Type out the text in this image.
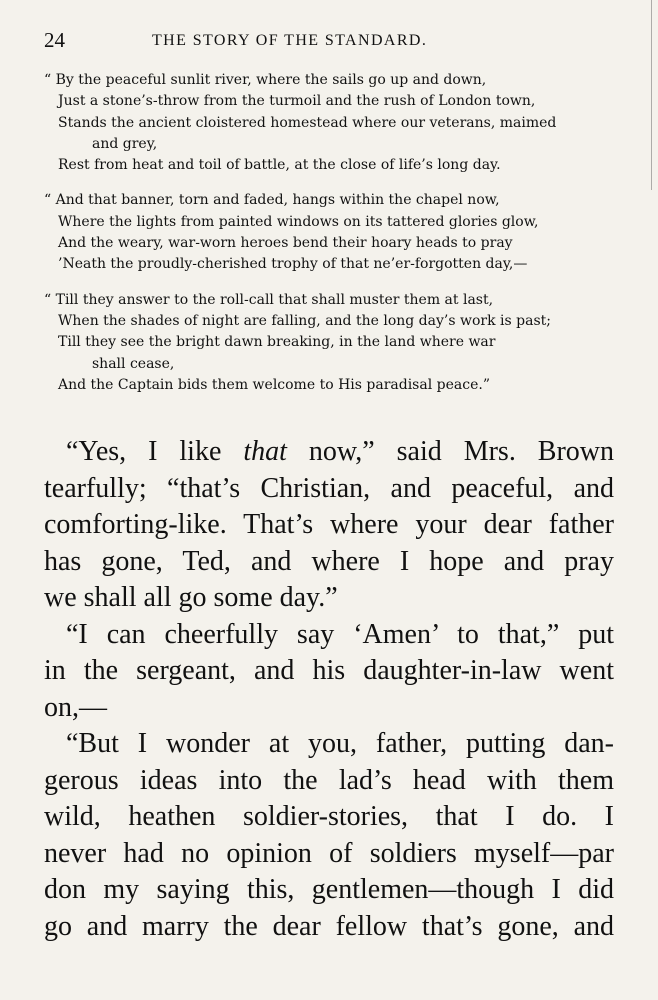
24	THE STORY OF THE STANDARD.
“ By the peaceful sunlit river, where the sails go up and down,
Just a stone’s-throw from the turmoil and the rush of London town,
Stands the ancient cloistered homestead where our veterans, maimed
and grey,
Rest from heat and toil of battle, at the close of life’s long day.
“ And that banner, torn and faded, hangs within the chapel now,
Where the lights from painted windows on its tattered glories glow,
And the weary, war-worn heroes bend their hoary heads to pray
’Neath the proudly-cherished trophy of that ne’er-forgotten day,—
“ Till they answer to the roll-call that shall muster them at last,
When the shades of night are falling, and the long day’s work is past;
Till they see the bright dawn breaking, in the land where war
shall cease,
And the Captain bids them welcome to His paradisal peace.”
“Yes, I like that now,” said Mrs. Brown
tearfully; “that’s Christian, and peaceful, and
comforting-like. That’s where your dear father
has gone, Ted, and where I hope and pray
we shall all go some day.”
“I can cheerfully say ‘Amen’ to that,” put
in the sergeant, and his daughter-in-law went
on,—
“But I wonder at you, father, putting dan-
gerous ideas into the lad’s head with them
wild, heathen soldier-stories, that I do. I
never had no opinion of soldiers myself—par
don my saying this, gentlemen—though I did
go and marry the dear fellow that’s gone, and
